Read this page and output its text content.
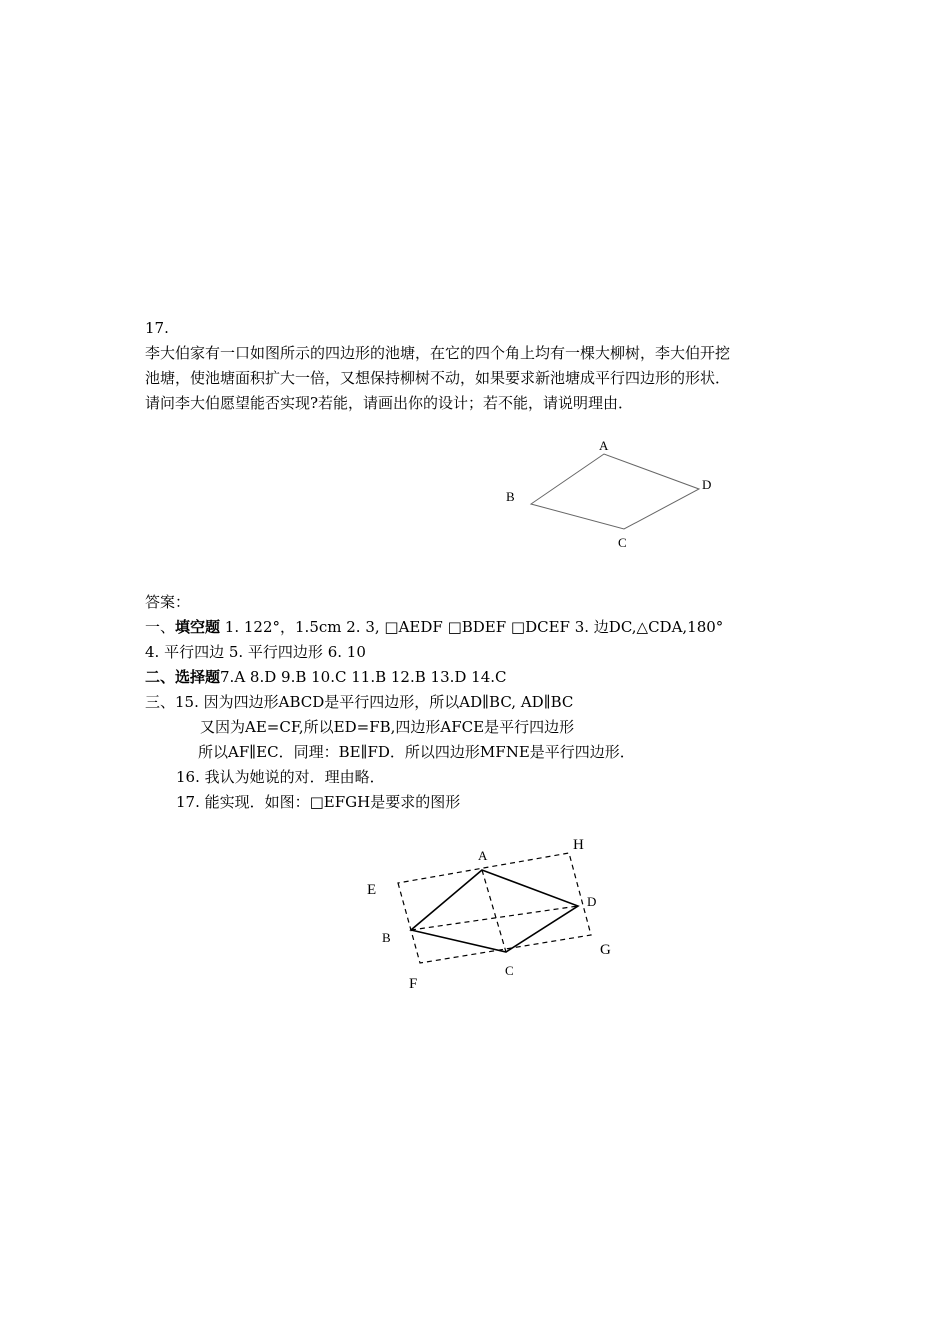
17.
李大伯家有一口如图所示的四边形的池塘，在它的四个角上均有一棵大柳树，李大伯开挖
池塘，使池塘面积扩大一倍，又想保持柳树不动，如果要求新池塘成平行四边形的形状．
请问李大伯愿望能否实现?若能，请画出你的设计；若不能，请说明理由．
A
B
C
D
答案：
一、填空题 1. 122°，1.5cm 2. 3, □AEDF □BDEF □DCEF 3. 边DC,△CDA,180°
4. 平行四边 5. 平行四边形 6. 10
二、选择题7.A 8.D 9.B 10.C 11.B 12.B 13.D 14.C
三、15. 因为四边形ABCD是平行四边形，所以AD∥BC, AD∥BC
又因为AE=CF,所以ED=FB,四边形AFCE是平行四边形
所以AF∥EC．同理：BE∥FD．所以四边形MFNE是平行四边形．
16. 我认为她说的对．理由略．
17. 能实现．如图：□EFGH是要求的图形
A
B
C
D
E
F
G
H
